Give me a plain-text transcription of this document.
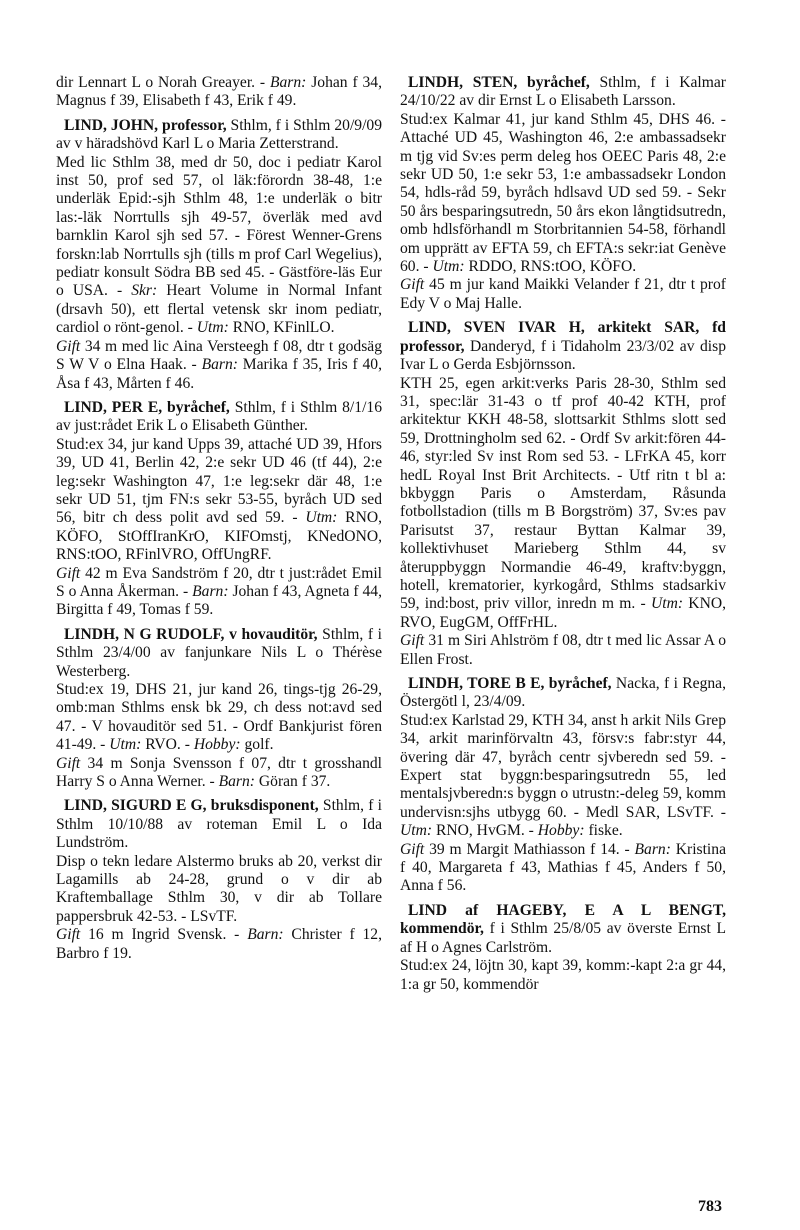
dir Lennart L o Norah Greayer. - Barn: Johan f 34, Magnus f 39, Elisabeth f 43, Erik f 49.

LIND, JOHN, professor, Sthlm, f i Sthlm 20/9/09 av v häradshövd Karl L o Maria Zetterstrand.

Med lic Sthlm 38, med dr 50, doc i pediatr Karol inst 50, prof sed 57, ol läk:förordn 38-48, 1:e underläk Epid:-sjh Sthlm 48, 1:e underläk o bitr las:-läk Norrtulls sjh 49-57, överläk med avd barnklin Karol sjh sed 57. - Förest Wenner-Grens forskn:lab Norrtulls sjh (tills m prof Carl Wegelius), pediatr konsult Södra BB sed 45. - Gästföre-läs Eur o USA. - Skr: Heart Volume in Normal Infant (drsavh 50), ett flertal vetensk skr inom pediatr, cardiol o rönt-genol. - Utm: RNO, KFinlLO.

Gift 34 m med lic Aina Versteegh f 08, dtr t godsäg S W V o Elna Haak. - Barn: Marika f 35, Iris f 40, Åsa f 43, Mårten f 46.

LIND, PER E, byråchef, Sthlm, f i Sthlm 8/1/16 av just:rådet Erik L o Elisabeth Günther.

Stud:ex 34, jur kand Upps 39, attaché UD 39, Hfors 39, UD 41, Berlin 42, 2:e sekr UD 46 (tf 44), 2:e leg:sekr Washington 47, 1:e leg:sekr där 48, 1:e sekr UD 51, tjm FN:s sekr 53-55, byråch UD sed 56, bitr ch dess polit avd sed 59. - Utm: RNO, KÖFO, StOffIranKrO, KIFOmstj, KNedONO, RNS:tOO, RFinlVRO, OffUngRF.

Gift 42 m Eva Sandström f 20, dtr t just:rådet Emil S o Anna Åkerman. - Barn: Johan f 43, Agneta f 44, Birgitta f 49, Tomas f 59.

LINDH, N G RUDOLF, v hovauditör, Sthlm, f i Sthlm 23/4/00 av fanjunkare Nils L o Thérèse Westerberg.

Stud:ex 19, DHS 21, jur kand 26, tings-tjg 26-29, omb:man Sthlms ensk bk 29, ch dess not:avd sed 47. - V hovauditör sed 51. - Ordf Bankjurist fören 41-49. - Utm: RVO. - Hobby: golf.

Gift 34 m Sonja Svensson f 07, dtr t grosshandl Harry S o Anna Werner. - Barn: Göran f 37.

LIND, SIGURD E G, bruksdisponent, Sthlm, f i Sthlm 10/10/88 av roteman Emil L o Ida Lundström.

Disp o tekn ledare Alstermo bruks ab 20, verkst dir Lagamills ab 24-28, grund o v dir ab Kraftemballage Sthlm 30, v dir ab Tollare pappersbruk 42-53. - LSvTF.

Gift 16 m Ingrid Svensk. - Barn: Christer f 12, Barbro f 19.

LINDH, STEN, byråchef, Sthlm, f i Kalmar 24/10/22 av dir Ernst L o Elisabeth Larsson.

Stud:ex Kalmar 41, jur kand Sthlm 45, DHS 46. - Attaché UD 45, Washington 46, 2:e ambassadsekr m tjg vid Sv:es perm deleg hos OEEC Paris 48, 2:e sekr UD 50, 1:e sekr 53, 1:e ambassadsekr London 54, hdls-råd 59, byråch hdlsavd UD sed 59. - Sekr 50 års besparingsutredn, 50 års ekon långtidsutredn, omb hdlsförhandl m Storbritannien 54-58, förhandl om upprätt av EFTA 59, ch EFTA:s sekr:iat Genève 60. - Utm: RDDO, RNS:tOO, KÖFO.

Gift 45 m jur kand Maikki Velander f 21, dtr t prof Edy V o Maj Halle.

LIND, SVEN IVAR H, arkitekt SAR, fd professor, Danderyd, f i Tidaholm 23/3/02 av disp Ivar L o Gerda Esbjörnsson.

KTH 25, egen arkit:verks Paris 28-30, Sthlm sed 31, spec:lär 31-43 o tf prof 40-42 KTH, prof arkitektur KKH 48-58, slottsarkit Sthlms slott sed 59, Drottningholm sed 62. - Ordf Sv arkit:fören 44-46, styr:led Sv inst Rom sed 53. - LFrKA 45, korr hedL Royal Inst Brit Architects. - Utf ritn t bl a: bkbyggn Paris o Amsterdam, Råsunda fotbollstadion (tills m B Borgström) 37, Sv:es pav Parisutst 37, restaur Byttan Kalmar 39, kollektivhuset Marieberg Sthlm 44, sv återuppbyggn Normandie 46-49, kraftv:byggn, hotell, krematorier, kyrkogård, Sthlms stadsarkiv 59, ind:bost, priv villor, inredn m m. - Utm: KNO, RVO, EugGM, OffFrHL.

Gift 31 m Siri Ahlström f 08, dtr t med lic Assar A o Ellen Frost.

LINDH, TORE B E, byråchef, Nacka, f i Regna, Östergötl l, 23/4/09.

Stud:ex Karlstad 29, KTH 34, anst h arkit Nils Grep 34, arkit marinförvaltn 43, försv:s fabr:styr 44, övering där 47, byråch centr sjvberedn sed 59. - Expert stat byggn:besparingsutredn 55, led mentalsjvberedn:s byggn o utrustn:-deleg 59, komm undervisn:sjhs utbygg 60. - Medl SAR, LSvTF. - Utm: RNO, HvGM. - Hobby: fiske.

Gift 39 m Margit Mathiasson f 14. - Barn: Kristina f 40, Margareta f 43, Mathias f 45, Anders f 50, Anna f 56.

LIND af HAGEBY, E A L BENGT, kommendör, f i Sthlm 25/8/05 av överste Ernst L af H o Agnes Carlström.

Stud:ex 24, löjtn 30, kapt 39, komm:-kapt 2:a gr 44, 1:a gr 50, kommendör

783
